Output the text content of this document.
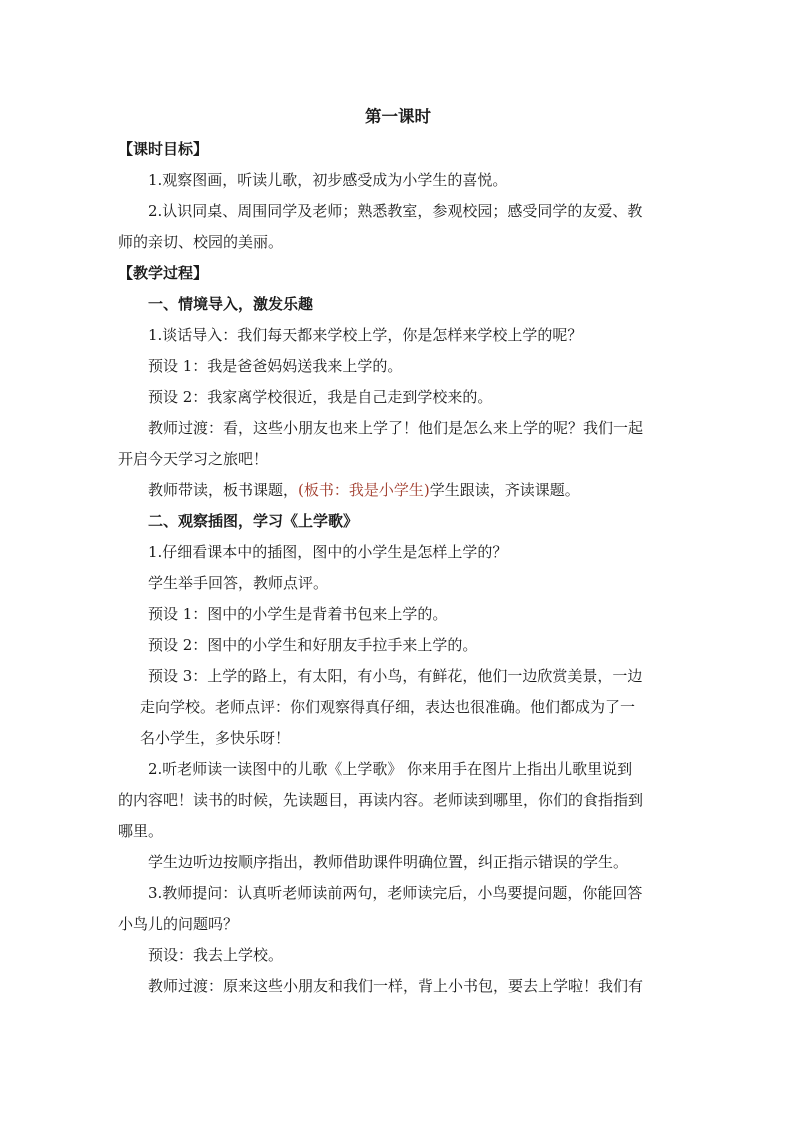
第一课时

【课时目标】

1.观察图画，听读儿歌，初步感受成为小学生的喜悦。

2.认识同桌、周围同学及老师；熟悉教室，参观校园；感受同学的友爱、教

师的亲切、校园的美丽。

【教学过程】

一、情境导入，激发乐趣

1.谈话导入：我们每天都来学校上学，你是怎样来学校上学的呢？

预设 1：我是爸爸妈妈送我来上学的。

预设 2：我家离学校很近，我是自己走到学校来的。

教师过渡：看，这些小朋友也来上学了！他们是怎么来上学的呢？我们一起

开启今天学习之旅吧！

教师带读，板书课题，(板书：我是小学生)学生跟读，齐读课题。

二、观察插图，学习《上学歌》

1.仔细看课本中的插图，图中的小学生是怎样上学的？

学生举手回答，教师点评。

预设 1：图中的小学生是背着书包来上学的。

预设 2：图中的小学生和好朋友手拉手来上学的。

预设 3：上学的路上，有太阳，有小鸟，有鲜花，他们一边欣赏美景，一边

走向学校。老师点评：你们观察得真仔细，表达也很准确。他们都成为了一

名小学生，多快乐呀！

2.听老师读一读图中的儿歌《上学歌》 你来用手在图片上指出儿歌里说到

的内容吧！读书的时候，先读题目，再读内容。老师读到哪里，你们的食指指到

哪里。

学生边听边按顺序指出，教师借助课件明确位置，纠正指示错误的学生。

3.教师提问：认真听老师读前两句，老师读完后，小鸟要提问题，你能回答

小鸟儿的问题吗？

预设：我去上学校。

教师过渡：原来这些小朋友和我们一样，背上小书包，要去上学啦！我们有
